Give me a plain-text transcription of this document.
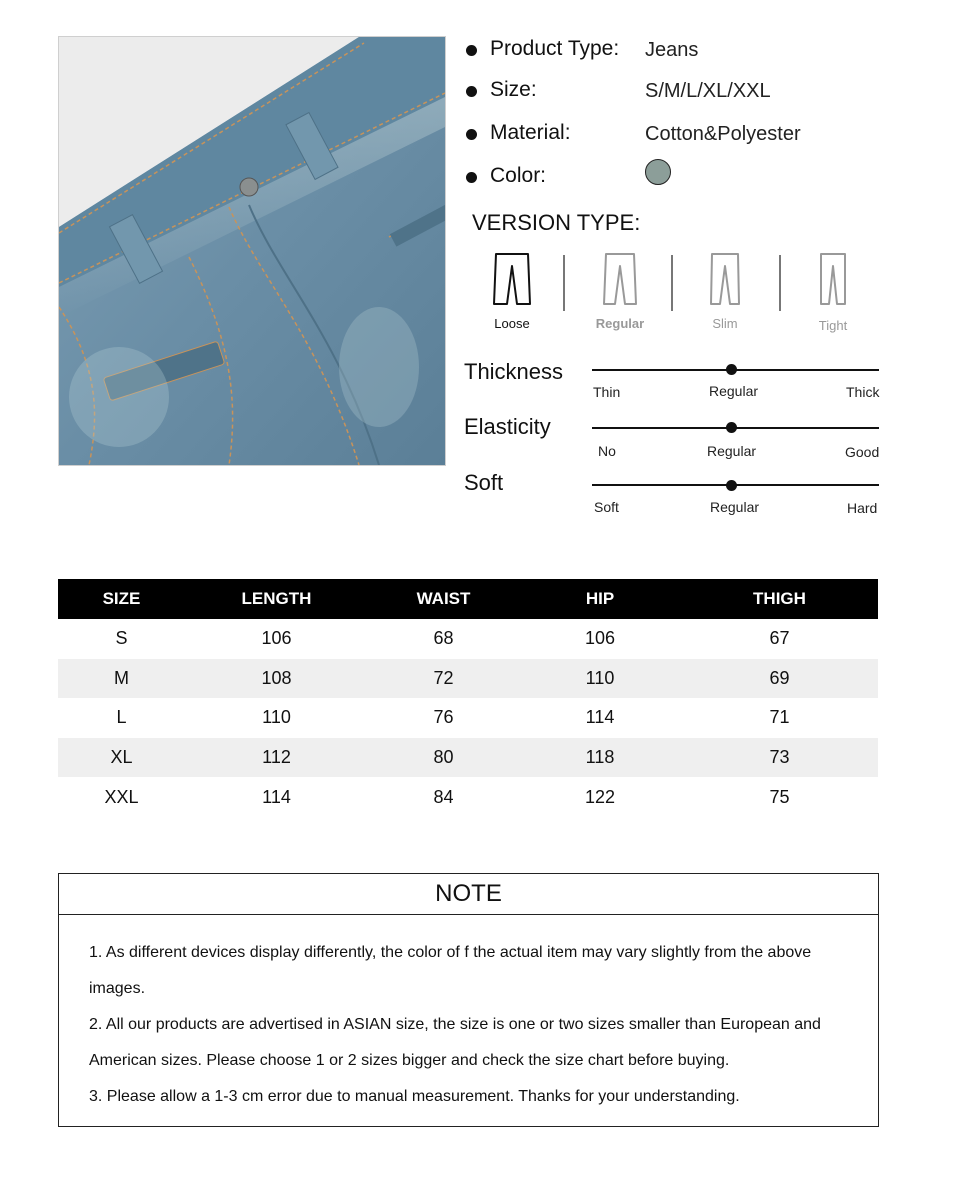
Product Type: Jeans
Size:	S/M/L/XL/XXL
Material:	Cotton&Polyester
Color:
VERSION TYPE:
Loose	Regular	Slim	Tight
Thickness
Thin	Regular	Thick
Elasticity
No	Regular	Good
Soft
Soft	Regular	Hard
SIZE	LENGTH	WAIST	HIP	THIGH
S	106	68	106	67
M	108	72	110	69
L	110	76	114	71
XL	112	80	118	73
XXL	114	84	122	75
NOTE

1. As different devices display differently, the color of f the actual item may vary slightly from the above images.

2. All our products are advertised in ASIAN size, the size is one or two sizes smaller than European and American sizes. Please choose 1 or 2 sizes bigger and check the size chart before buying.

3. Please allow a 1-3 cm error due to manual measurement. Thanks for your understanding.
